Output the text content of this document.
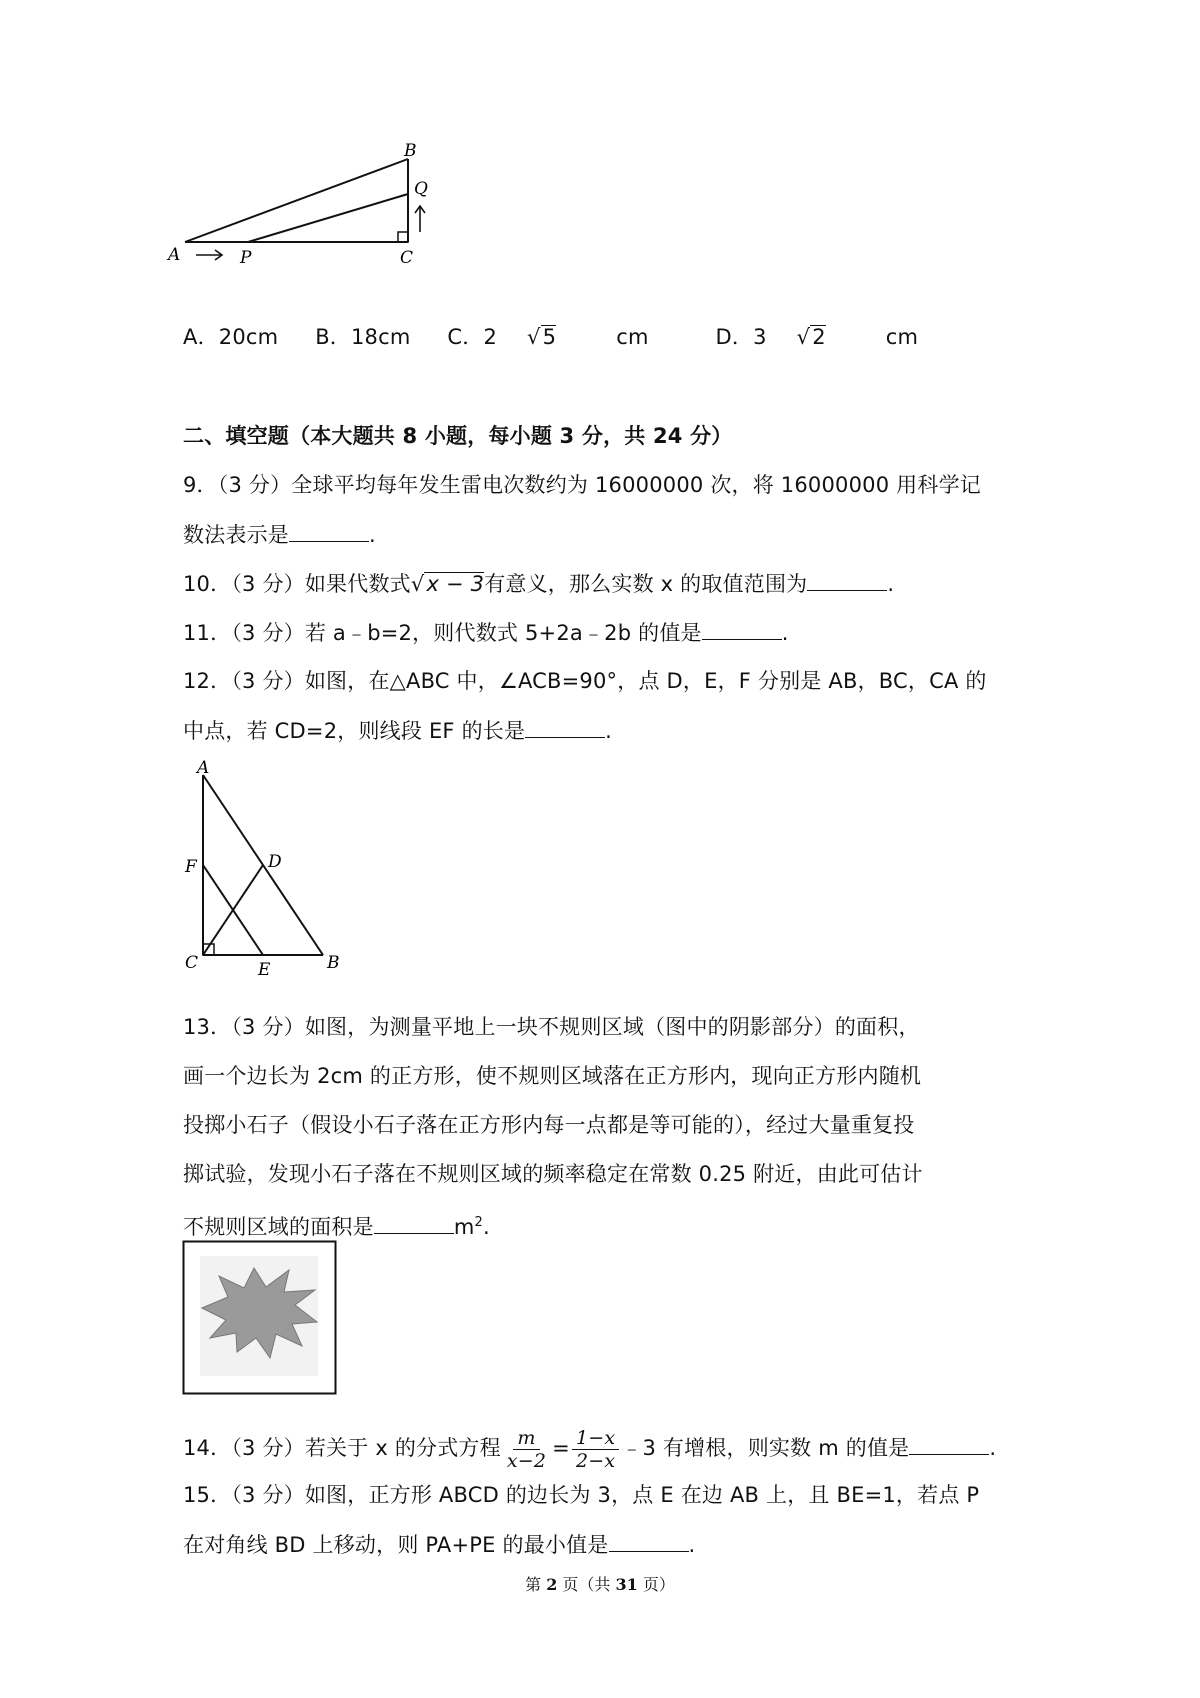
A	P	C
B
Q
A．20cm B．18cm C．2 √5	cm	D．3 √2	cm
二、填空题（本大题共 8 小题，每小题 3 分，共 24 分）
9．（3 分）全球平均每年发生雷电次数约为 16000000 次，将 16000000 用科学记
数法表示是	.
10．（3 分）如果代数式√x − 3有意义，那么实数 x 的取值范围为	.
11．（3 分）若 a﹣b=2，则代数式 5+2a﹣2b 的值是	.
12．（3 分）如图，在△ABC 中，∠ACB=90°，点 D，E，F 分别是 AB，BC，CA 的
中点，若 CD=2，则线段 EF 的长是	.
A
F	D
C	E	B
13．（3 分）如图，为测量平地上一块不规则区域（图中的阴影部分）的面积，
画一个边长为 2cm 的正方形，使不规则区域落在正方形内，现向正方形内随机
投掷小石子（假设小石子落在正方形内每一点都是等可能的），经过大量重复投
掷试验，发现小石子落在不规则区域的频率稳定在常数 0.25 附近，由此可估计
不规则区域的面积是	$m^2$.
14．（3 分）若关于 x 的分式方程 $\frac{m}{x-2} = \frac{1-x}{2-x}$ ﹣3 有增根，则实数 m 的值是	.
15．（3 分）如图，正方形 ABCD 的边长为 3，点 E 在边 AB 上，且 BE=1，若点 P
在对角线 BD 上移动，则 PA+PE 的最小值是	.
第 2 页（共 31 页）
